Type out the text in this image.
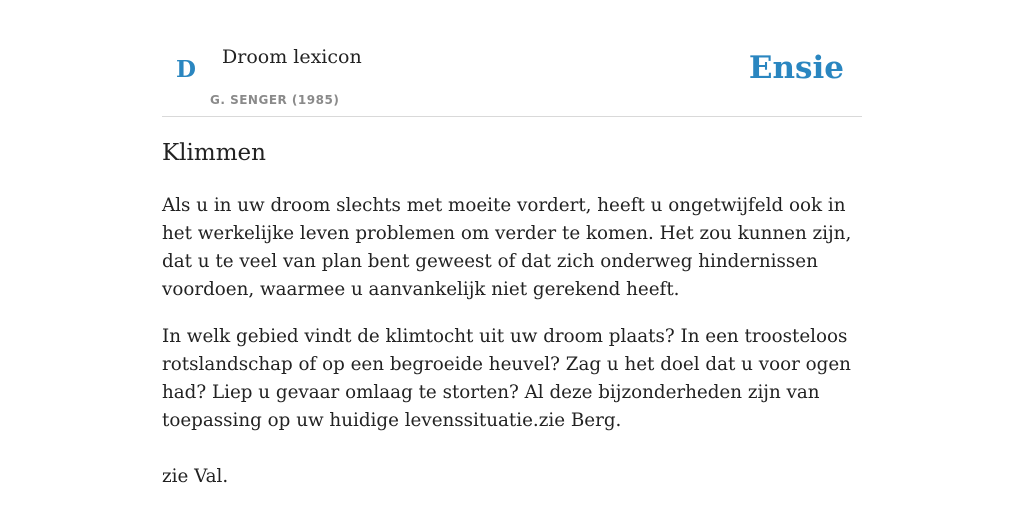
D Droom lexicon
G. SENGER (1985)
Ensie
Klimmen

Als u in uw droom slechts met moeite vordert, heeft u ongetwijfeld ook in het werkelijke leven problemen om verder te komen. Het zou kunnen zijn, dat u te veel van plan bent geweest of dat zich onderweg hindernissen voordoen, waarmee u aanvankelijk niet gerekend heeft.

In welk gebied vindt de klimtocht uit uw droom plaats? In een troosteloos rotslandschap of op een begroeide heuvel? Zag u het doel dat u voor ogen had? Liep u gevaar omlaag te storten? Al deze bijzonderheden zijn van toepassing op uw huidige levenssituatie.zie Berg.

zie Val.
